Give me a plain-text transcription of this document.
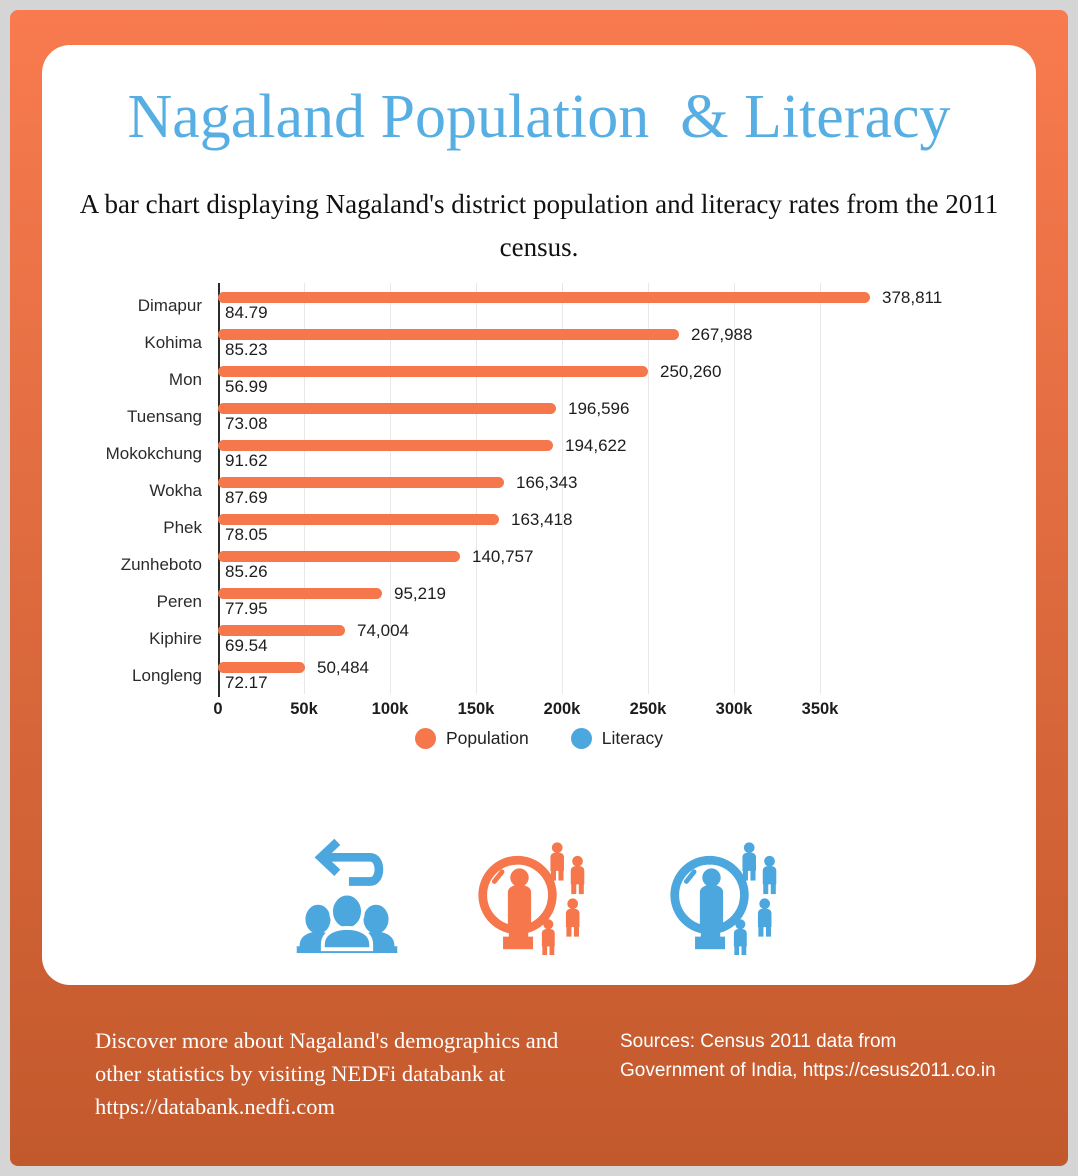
Nagaland Population  & Literacy
A bar chart displaying Nagaland's district population and literacy rates from the 2011 census.
Dimapur	378,811
84.79
Kohima	267,988
85.23
Mon	250,260
56.99
Tuensang	196,596
73.08
Mokokchung	194,622
91.62
Wokha	166,343
87.69
Phek	163,418
78.05
Zunheboto	140,757
85.26
Peren	95,219
77.95
Kiphire	74,004
69.54
Longleng	50,484
72.17
0	50k	100k	150k	200k	250k	300k	350k
Population	Literacy
Discover more about Nagaland's demographics and other statistics by visiting NEDFi databank at https://databank.nedfi.com
Sources: Census 2011 data from Government of India, https://cesus2011.co.in
